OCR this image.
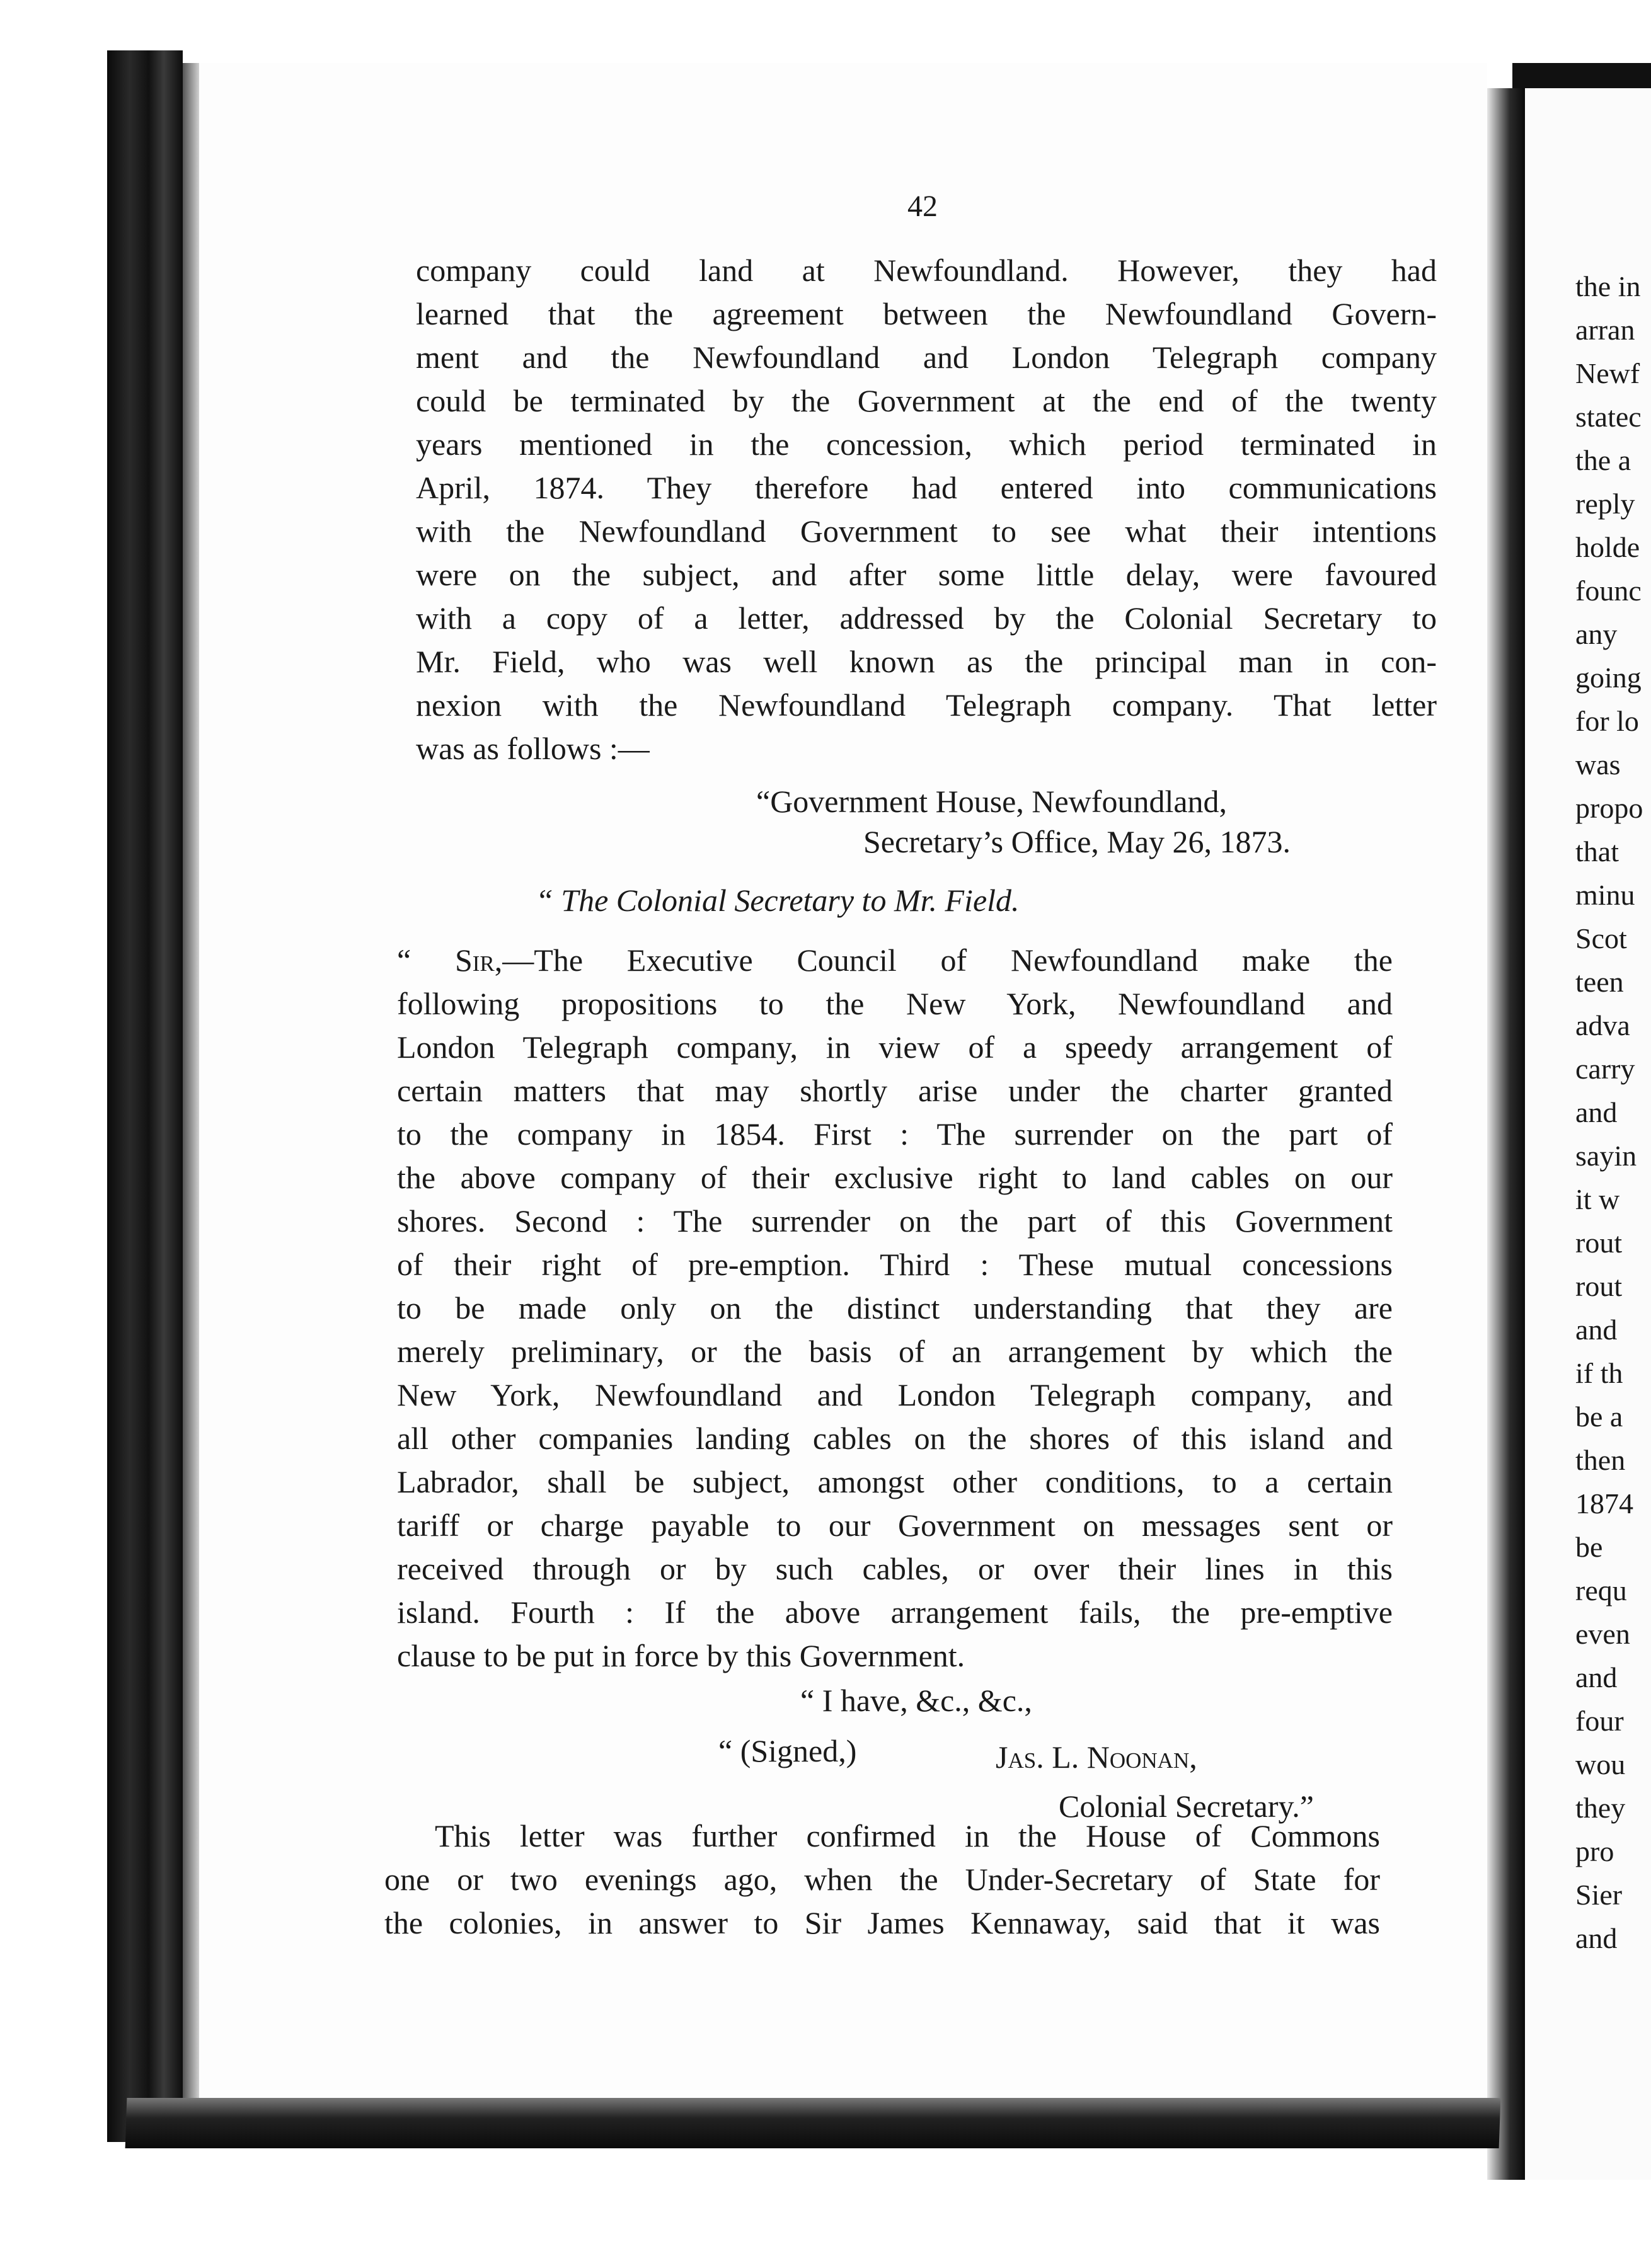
42
company could land at Newfoundland. However, they had
learned that the agreement between the Newfoundland Govern-
ment and the Newfoundland and London Telegraph company
could be terminated by the Government at the end of the twenty
years mentioned in the concession, which period terminated in
April, 1874. They therefore had entered into communications
with the Newfoundland Government to see what their intentions
were on the subject, and after some little delay, were favoured
with a copy of a letter, addressed by the Colonial Secretary to
Mr. Field, who was well known as the principal man in con-
nexion with the Newfoundland Telegraph company. That letter
was as follows :—
“Government House, Newfoundland,
Secretary’s Office, May 26, 1873.
“ The Colonial Secretary to Mr. Field.
“ Sir,—The Executive Council of Newfoundland make the
following propositions to the New York, Newfoundland and
London Telegraph company, in view of a speedy arrangement of
certain matters that may shortly arise under the charter granted
to the company in 1854. First : The surrender on the part of
the above company of their exclusive right to land cables on our
shores. Second : The surrender on the part of this Government
of their right of pre-emption. Third : These mutual concessions
to be made only on the distinct understanding that they are
merely preliminary, or the basis of an arrangement by which the
New York, Newfoundland and London Telegraph company, and
all other companies landing cables on the shores of this island and
Labrador, shall be subject, amongst other conditions, to a certain
tariff or charge payable to our Government on messages sent or
received through or by such cables, or over their lines in this
island. Fourth : If the above arrangement fails, the pre-emptive
clause to be put in force by this Government.
“ I have, &c., &c.,
“ (Signed,)	Jas. L. Noonan,
Colonial Secretary.”
This letter was further confirmed in the House of Commons
one or two evenings ago, when the Under-Secretary of State for
the colonies, in answer to Sir James Kennaway, said that it was
the in
arran
Newf
statec
the a
reply
holde
founc
any
going
for lo
was
propo
that
minu
Scot
teen
adva
carry
and
sayin
it w
rout
rout
and
if th
be a
then
1874
be
requ
even
and
four
wou
they
pro
Sier
and
